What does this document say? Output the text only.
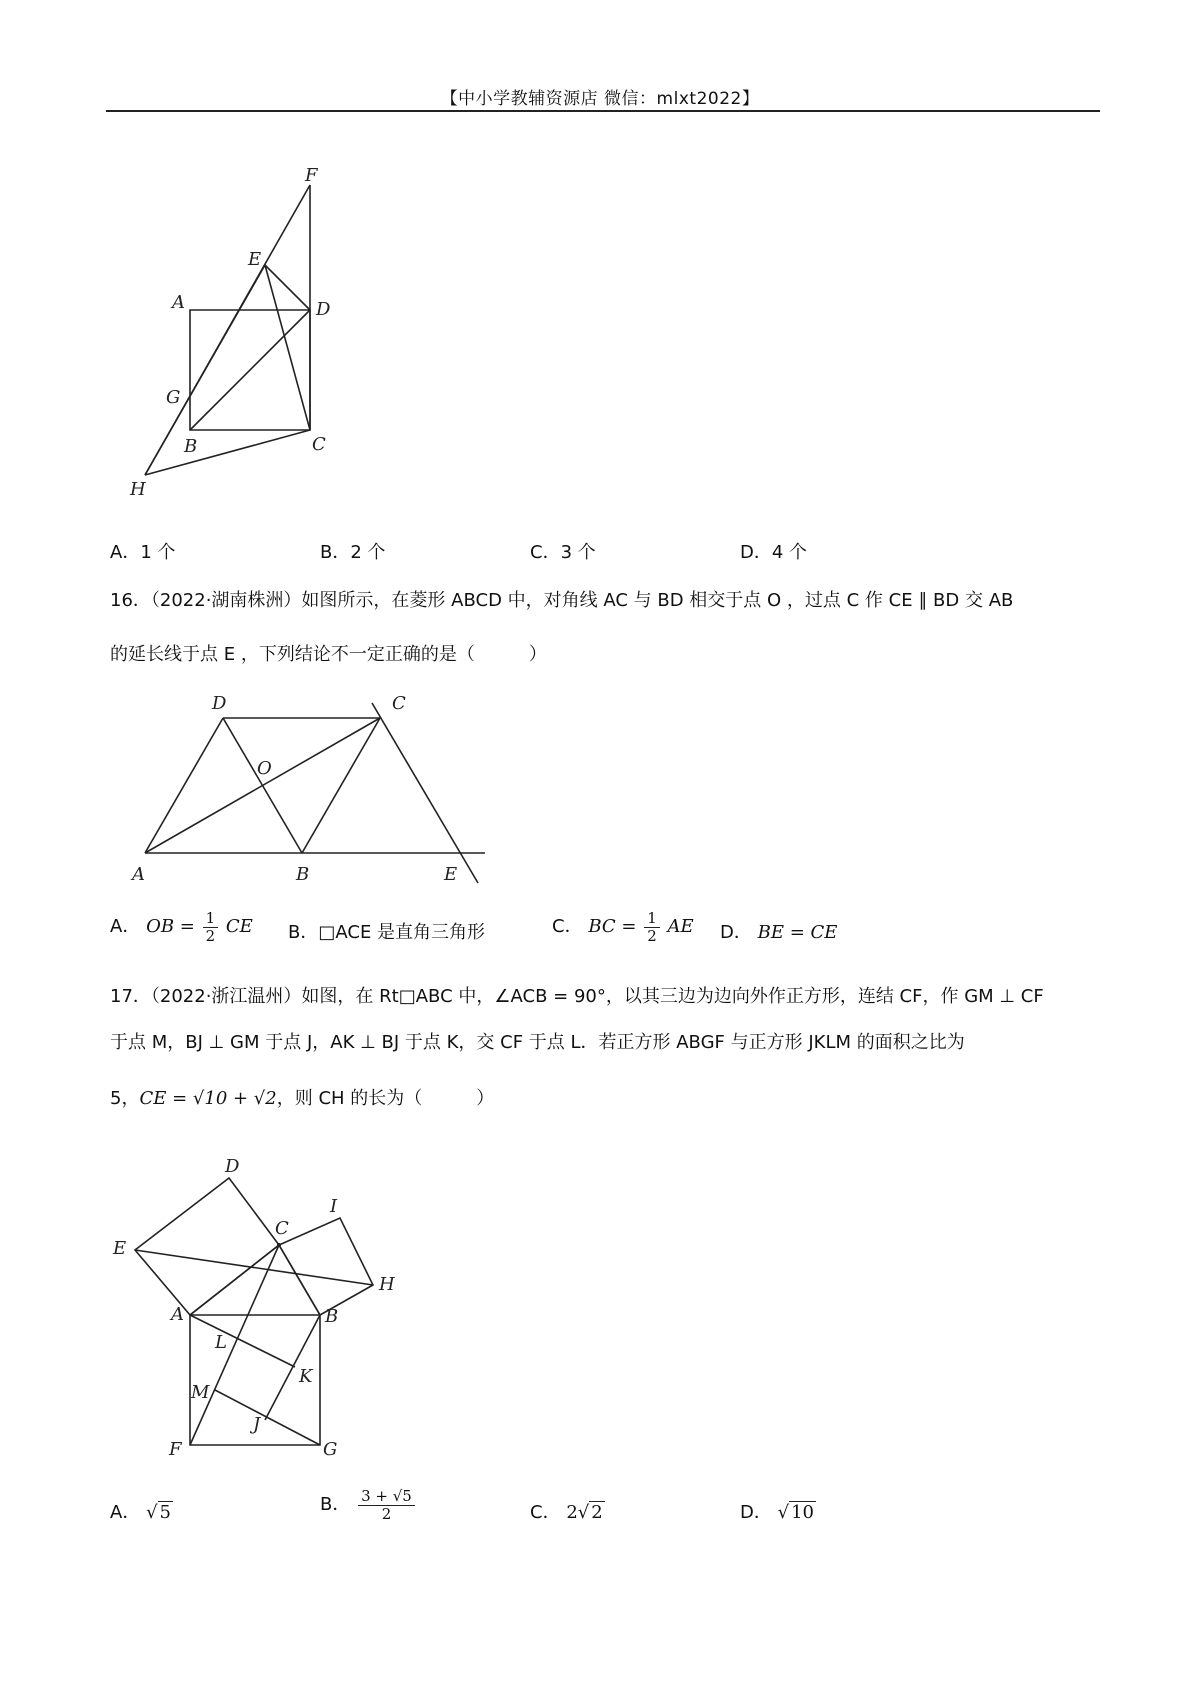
【中小学教辅资源店 微信：mlxt2022】
F
E
A	D
G
B	C
H
A．1 个	B．2 个	C．3 个	D．4 个
16．（2022·湖南株洲）如图所示，在菱形 ABCD 中，对角线 AC 与 BD 相交于点 O ，过点 C 作 CE ∥ BD 交 AB
的延长线于点 E ，下列结论不一定正确的是（　　　）
D	C
O
A	B	E
A． OB = $\frac{1}{2}$ CE B．□ACE 是直角三角形	C． BC = $\frac{1}{2}$ AE D． BE = CE
17．（2022·浙江温州）如图，在 Rt□ABC 中，∠ACB = 90°，以其三边为边向外作正方形，连结 CF，作 GM ⊥ CF
于点 M，BJ ⊥ GM 于点 J，AK ⊥ BJ 于点 K，交 CF 于点 L．若正方形 ABGF 与正方形 JKLM 的面积之比为
5，CE = √10 + √2，则 CH 的长为（　　　）
D
E
I
C
H
A	B
L
K
M
J
F	G
A． √ 5	B． $\frac{3 + √5}{2}$	C． 2√ 2	D． √ 10
